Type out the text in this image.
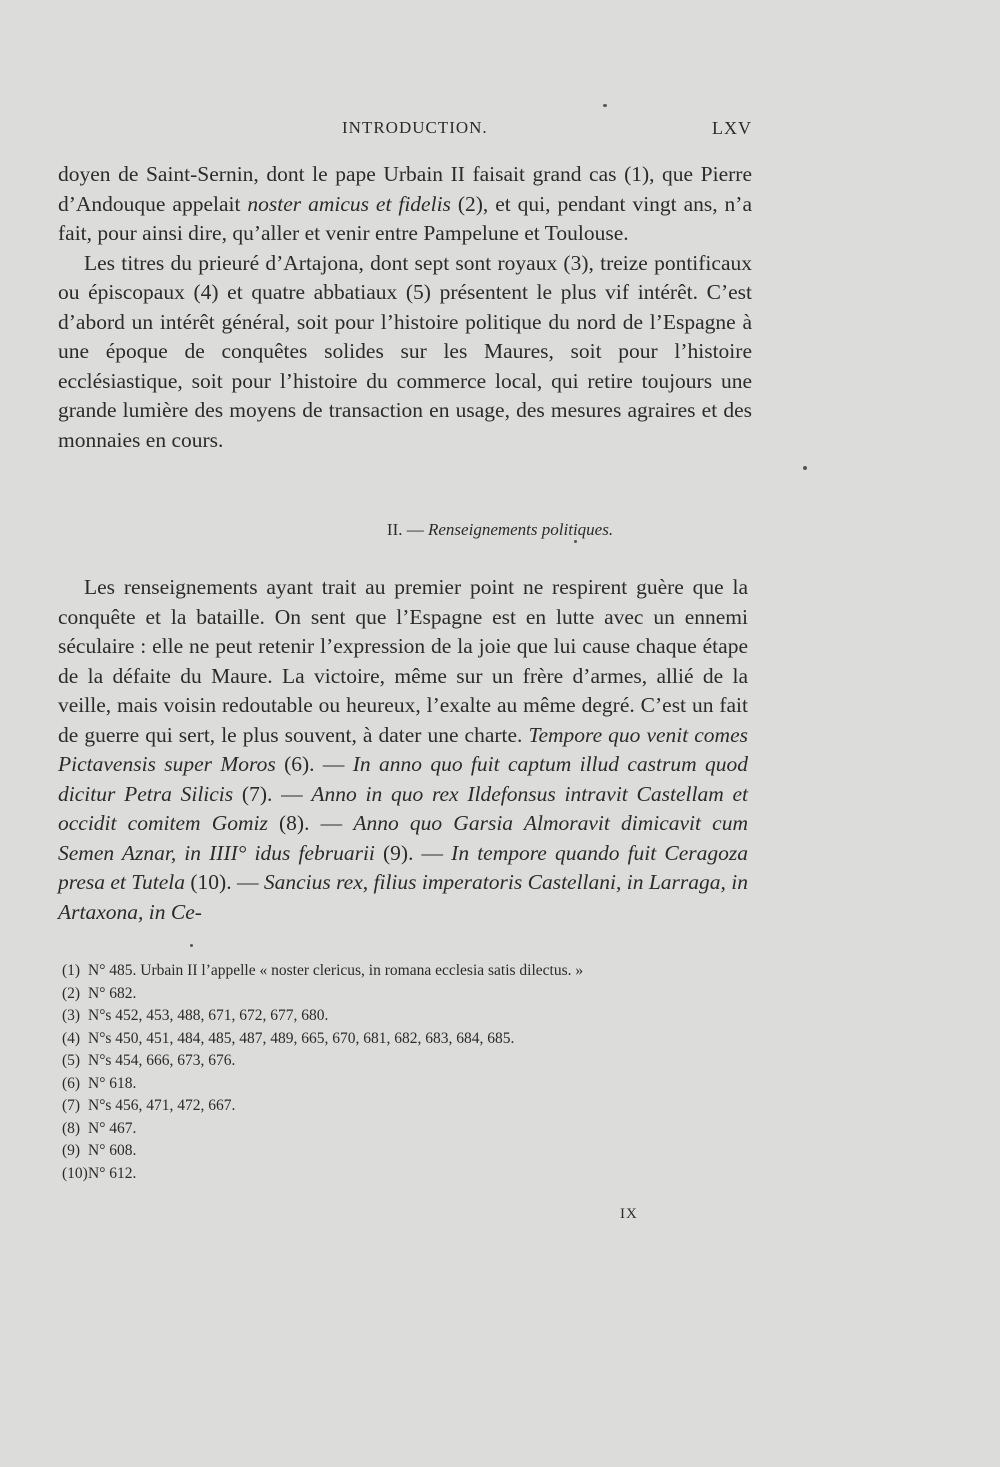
INTRODUCTION.	LXV

doyen de Saint-Sernin, dont le pape Urbain II faisait grand cas (1), que Pierre d’Andouque appelait noster amicus et fidelis (2), et qui, pendant vingt ans, n’a fait, pour ainsi dire, qu’aller et venir entre Pampelune et Toulouse.

Les titres du prieuré d’Artajona, dont sept sont royaux (3), treize pontificaux ou épiscopaux (4) et quatre abbatiaux (5) présentent le plus vif intérêt. C’est d’abord un intérêt général, soit pour l’histoire politique du nord de l’Espagne à une époque de conquêtes solides sur les Maures, soit pour l’histoire ecclésiastique, soit pour l’histoire du commerce local, qui retire toujours une grande lumière des moyens de transaction en usage, des mesures agraires et des monnaies en cours.

II. — Renseignements politiques.

Les renseignements ayant trait au premier point ne respirent guère que la conquête et la bataille. On sent que l’Espagne est en lutte avec un ennemi séculaire : elle ne peut retenir l’expression de la joie que lui cause chaque étape de la défaite du Maure. La victoire, même sur un frère d’armes, allié de la veille, mais voisin redoutable ou heureux, l’exalte au même degré. C’est un fait de guerre qui sert, le plus souvent, à dater une charte. Tempore quo venit comes Pictavensis super Moros (6). — In anno quo fuit captum illud castrum quod dicitur Petra Silicis (7). — Anno in quo rex Ildefonsus intravit Castellam et occidit comitem Gomiz (8). — Anno quo Garsia Almoravit dimicavit cum Semen Aznar, in IIII° idus februarii (9). — In tempore quando fuit Ceragoza presa et Tutela (10). — Sancius rex, filius imperatoris Castellani, in Larraga, in Artaxona, in Ce-

(1) N° 485. Urbain II l’appelle « noster clericus, in romana ecclesia satis dilectus. »

(2) N° 682.

(3) N°s 452, 453, 488, 671, 672, 677, 680.

(4) N°s 450, 451, 484, 485, 487, 489, 665, 670, 681, 682, 683, 684, 685.

(5) N°s 454, 666, 673, 676.

(6) N° 618.

(7) N°s 456, 471, 472, 667.

(8) N° 467.

(9) N° 608.

(10)N° 612.

IX
